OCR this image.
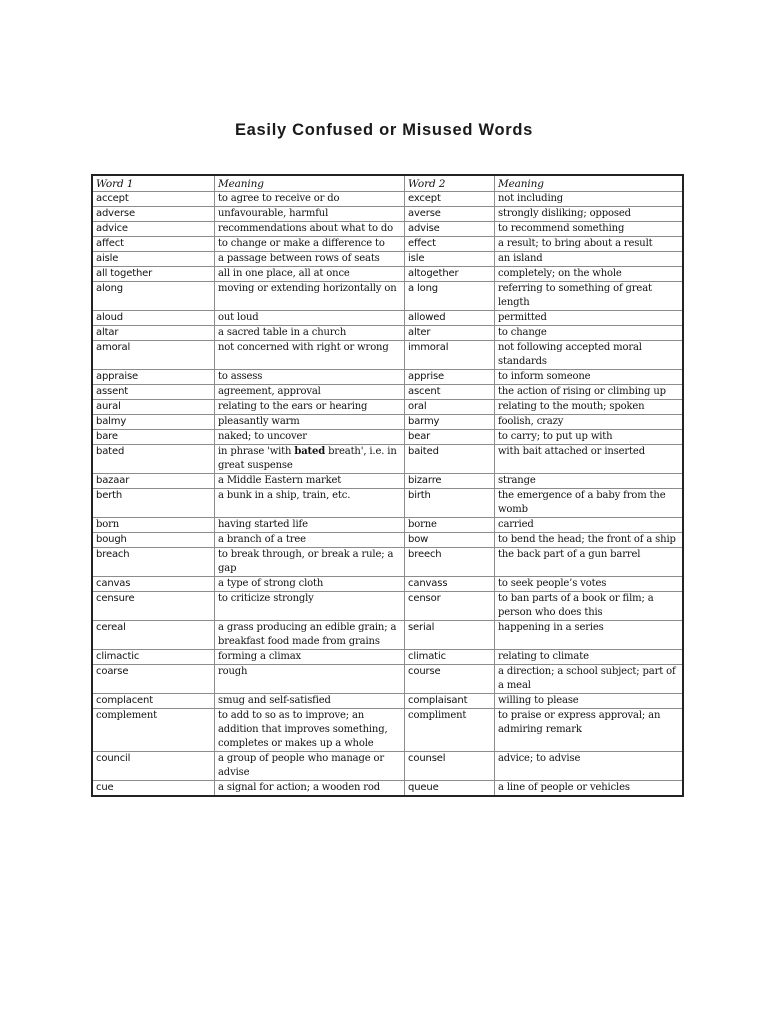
Easily Confused or Misused Words
Word 1	Meaning	Word 2	Meaning
accept	to agree to receive or do	except	not including
adverse	unfavourable, harmful	averse	strongly disliking; opposed
advice	recommendations about what to do	advise	to recommend something
affect	to change or make a difference to	effect	a result; to bring about a result
aisle	a passage between rows of seats	isle	an island
all together	all in one place, all at once	altogether	completely; on the whole
along	moving or extending horizontally on	a long	referring to something of great length
aloud	out loud	allowed	permitted
altar	a sacred table in a church	alter	to change
amoral	not concerned with right or wrong	immoral	not following accepted moral standards
appraise	to assess	apprise	to inform someone
assent	agreement, approval	ascent	the action of rising or climbing up
aural	relating to the ears or hearing	oral	relating to the mouth; spoken
balmy	pleasantly warm	barmy	foolish, crazy
bare	naked; to uncover	bear	to carry; to put up with
bated	in phrase 'with bated breath', i.e. in great suspense	baited	with bait attached or inserted
bazaar	a Middle Eastern market	bizarre	strange
berth	a bunk in a ship, train, etc.	birth	the emergence of a baby from the womb
born	having started life	borne	carried
bough	a branch of a tree	bow	to bend the head; the front of a ship
breach	to break through, or break a rule; a gap	breech	the back part of a gun barrel
canvas	a type of strong cloth	canvass	to seek people’s votes
censure	to criticize strongly	censor	to ban parts of a book or film; a person who does this
cereal	a grass producing an edible grain; a breakfast food made from grains	serial	happening in a series
climactic	forming a climax	climatic	relating to climate
coarse	rough	course	a direction; a school subject; part of a meal
complacent	smug and self-satisfied	complaisant	willing to please
complement	to add to so as to improve; an addition that improves something, completes or makes up a whole	compliment	to praise or express approval; an admiring remark
council	a group of people who manage or advise	counsel	advice; to advise
cue	a signal for action; a wooden rod	queue	a line of people or vehicles
